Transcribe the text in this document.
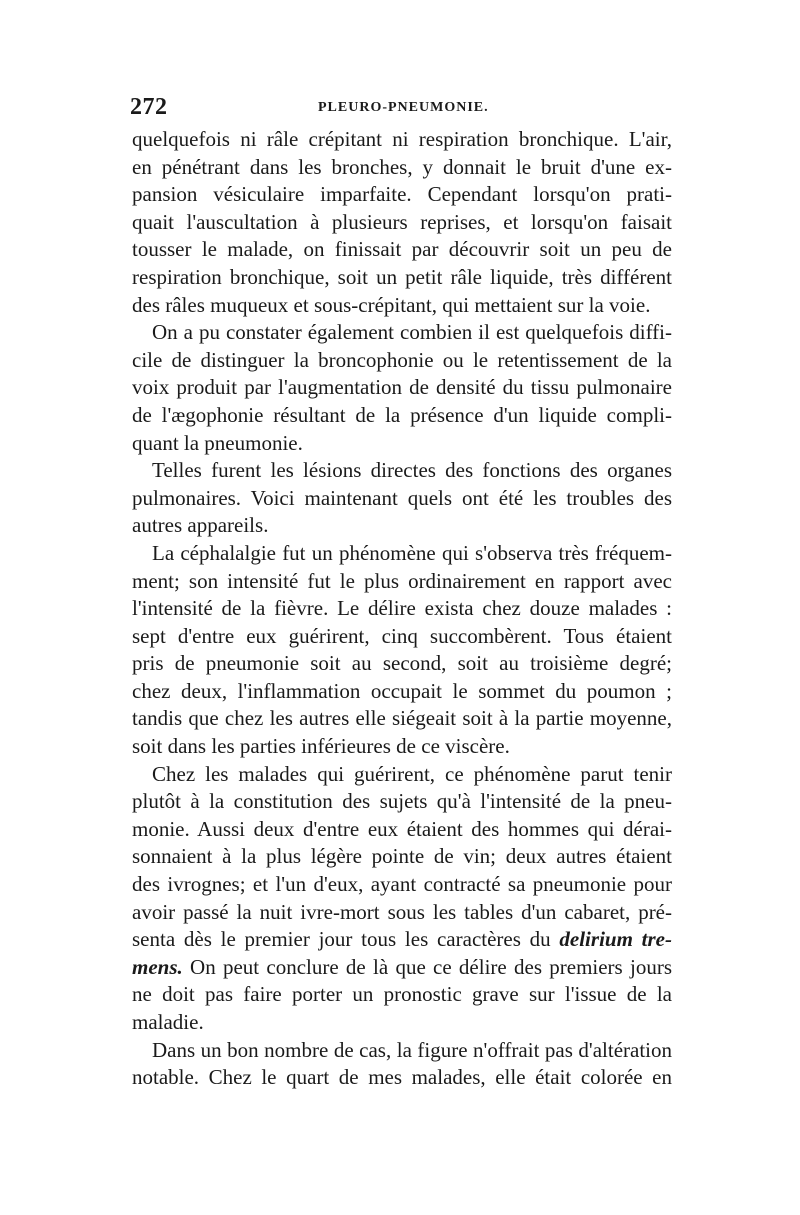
272	PLEURO-PNEUMONIE.
quelquefois ni râle crépitant ni respiration bronchique. L'air,
en pénétrant dans les bronches, y donnait le bruit d'une ex-
pansion vésiculaire imparfaite. Cependant lorsqu'on prati-
quait l'auscultation à plusieurs reprises, et lorsqu'on faisait
tousser le malade, on finissait par découvrir soit un peu de
respiration bronchique, soit un petit râle liquide, très différent
des râles muqueux et sous-crépitant, qui mettaient sur la voie.
On a pu constater également combien il est quelquefois diffi-
cile de distinguer la broncophonie ou le retentissement de la
voix produit par l'augmentation de densité du tissu pulmonaire
de l'ægophonie résultant de la présence d'un liquide compli-
quant la pneumonie.
Telles furent les lésions directes des fonctions des organes
pulmonaires. Voici maintenant quels ont été les troubles des
autres appareils.
La céphalalgie fut un phénomène qui s'observa très fréquem-
ment; son intensité fut le plus ordinairement en rapport avec
l'intensité de la fièvre. Le délire exista chez douze malades :
sept d'entre eux guérirent, cinq succombèrent. Tous étaient
pris de pneumonie soit au second, soit au troisième degré;
chez deux, l'inflammation occupait le sommet du poumon ;
tandis que chez les autres elle siégeait soit à la partie moyenne,
soit dans les parties inférieures de ce viscère.
Chez les malades qui guérirent, ce phénomène parut tenir
plutôt à la constitution des sujets qu'à l'intensité de la pneu-
monie. Aussi deux d'entre eux étaient des hommes qui dérai-
sonnaient à la plus légère pointe de vin; deux autres étaient
des ivrognes; et l'un d'eux, ayant contracté sa pneumonie pour
avoir passé la nuit ivre-mort sous les tables d'un cabaret, pré-
senta dès le premier jour tous les caractères du delirium tre-
mens. On peut conclure de là que ce délire des premiers jours
ne doit pas faire porter un pronostic grave sur l'issue de la
maladie.
Dans un bon nombre de cas, la figure n'offrait pas d'altération
notable. Chez le quart de mes malades, elle était colorée en
